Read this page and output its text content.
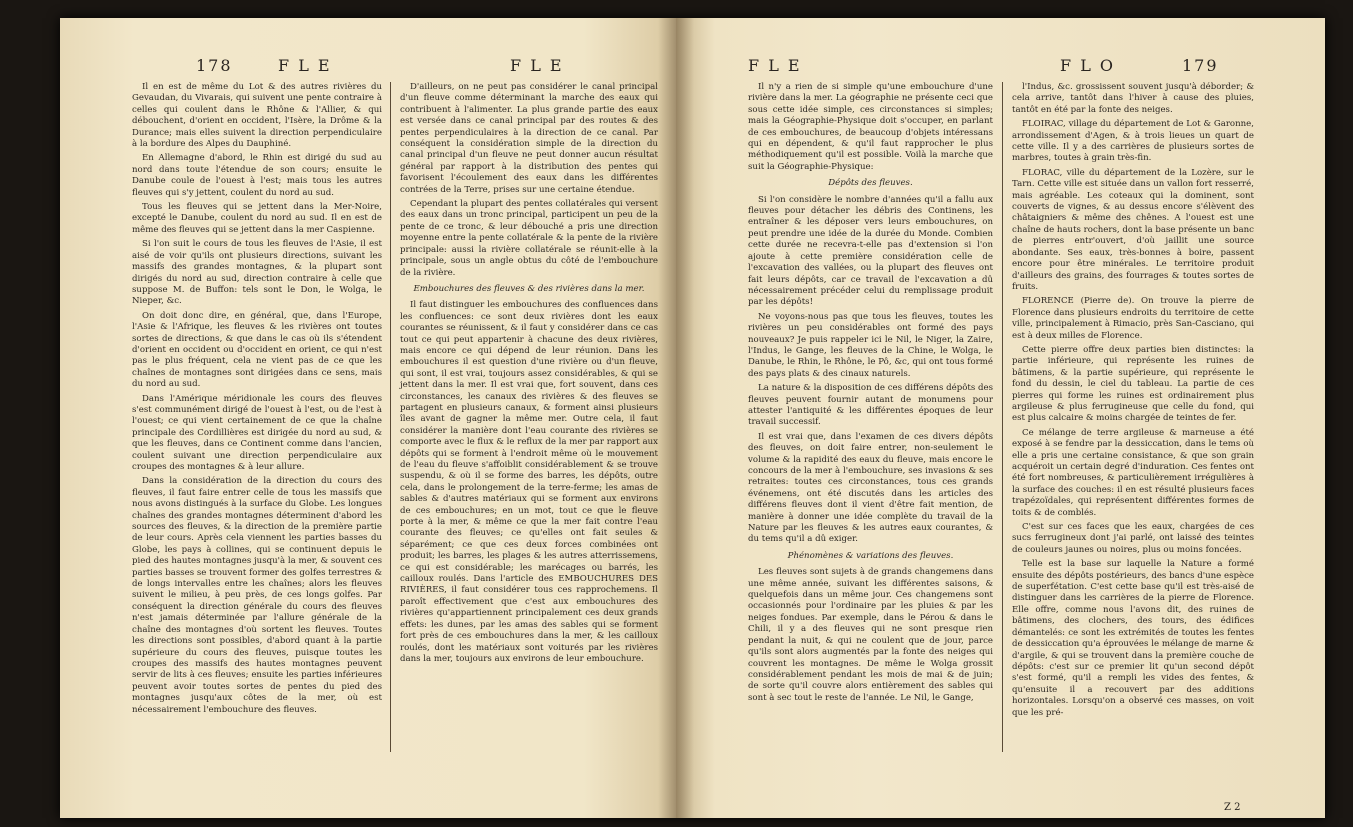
178	F L E	F L E

Il en est de même du Lot & des autres rivières du Gevaudan, du Vivarais, qui suivent une pente contraire à celles qui coulent dans le Rhône & l'Allier, & qui débouchent, d'orient en occident, l'Isère, la Drôme & la Durance; mais elles suivent la direction perpendiculaire à la bordure des Alpes du Dauphiné.

En Allemagne d'abord, le Rhin est dirigé du sud au nord dans toute l'étendue de son cours; ensuite le Danube coule de l'ouest à l'est; mais tous les autres fleuves qui s'y jettent, coulent du nord au sud.

Tous les fleuves qui se jettent dans la Mer-Noire, excepté le Danube, coulent du nord au sud. Il en est de même des fleuves qui se jettent dans la mer Caspienne.

Si l'on suit le cours de tous les fleuves de l'Asie, il est aisé de voir qu'ils ont plusieurs directions, suivant les massifs des grandes montagnes, & la plupart sont dirigés du nord au sud, direction contraire à celle que suppose M. de Buffon: tels sont le Don, le Wolga, le Nieper, &c.

On doit donc dire, en général, que, dans l'Europe, l'Asie & l'Afrique, les fleuves & les rivières ont toutes sortes de directions, & que dans le cas où ils s'étendent d'orient en occident ou d'occident en orient, ce qui n'est pas le plus fréquent, cela ne vient pas de ce que les chaînes de montagnes sont dirigées dans ce sens, mais du nord au sud.

Dans l'Amérique méridionale les cours des fleuves s'est communément dirigé de l'ouest à l'est, ou de l'est à l'ouest; ce qui vient certainement de ce que la chaîne principale des Cordillières est dirigée du nord au sud, & que les fleuves, dans ce Continent comme dans l'ancien, coulent suivant une direction perpendiculaire aux croupes des montagnes & à leur allure.

Dans la considération de la direction du cours des fleuves, il faut faire entrer celle de tous les massifs que nous avons distingués à la surface du Globe. Les longues chaînes des grandes montagnes déterminent d'abord les sources des fleuves, & la direction de la première partie de leur cours. Après cela viennent les parties basses du Globe, les pays à collines, qui se continuent depuis le pied des hautes montagnes jusqu'à la mer, & souvent ces parties basses se trouvent former des golfes terrestres & de longs intervalles entre les chaînes; alors les fleuves suivent le milieu, à peu près, de ces longs golfes. Par conséquent la direction générale du cours des fleuves n'est jamais déterminée par l'allure générale de la chaîne des montagnes d'où sortent les fleuves. Toutes les directions sont possibles, d'abord quant à la partie supérieure du cours des fleuves, puisque toutes les croupes des massifs des hautes montagnes peuvent servir de lits à ces fleuves; ensuite les parties inférieures peuvent avoir toutes sortes de pentes du pied des montagnes jusqu'aux côtes de la mer, où est nécessairement l'embouchure des fleuves.

D'ailleurs, on ne peut pas considérer le canal principal d'un fleuve comme déterminant la marche des eaux qui contribuent à l'alimenter. La plus grande partie des eaux est versée dans ce canal principal par des routes & des pentes perpendiculaires à la direction de ce canal. Par conséquent la considération simple de la direction du canal principal d'un fleuve ne peut donner aucun résultat général par rapport à la distribution des pentes qui favorisent l'écoulement des eaux dans les différentes contrées de la Terre, prises sur une certaine étendue.

Cependant la plupart des pentes collatérales qui versent des eaux dans un tronc principal, participent un peu de la pente de ce tronc, & leur débouché a pris une direction moyenne entre la pente collatérale & la pente de la rivière principale: aussi la rivière collatérale se réunit-elle à la principale, sous un angle obtus du côté de l'embouchure de la rivière.

Embouchures des fleuves & des rivières dans la mer.

Il faut distinguer les embouchures des confluences dans les confluences: ce sont deux rivières dont les eaux courantes se réunissent, & il faut y considérer dans ce cas tout ce qui peut appartenir à chacune des deux rivières, mais encore ce qui dépend de leur réunion. Dans les embouchures il est question d'une rivière ou d'un fleuve, qui sont, il est vrai, toujours assez considérables, & qui se jettent dans la mer. Il est vrai que, fort souvent, dans ces circonstances, les canaux des rivières & des fleuves se partagent en plusieurs canaux, & forment ainsi plusieurs îles avant de gagner la même mer. Outre cela, il faut considérer la manière dont l'eau courante des rivières se comporte avec le flux & le reflux de la mer par rapport aux dépôts qui se forment à l'endroit même où le mouvement de l'eau du fleuve s'affoiblit considérablement & se trouve suspendu, & où il se forme des barres, les dépôts, outre cela, dans le prolongement de la terre-ferme; les amas de sables & d'autres matériaux qui se forment aux environs de ces embouchures; en un mot, tout ce que le fleuve porte à la mer, & même ce que la mer fait contre l'eau courante des fleuves; ce qu'elles ont fait seules & séparément; ce que ces deux forces combinées ont produit; les barres, les plages & les autres atterrissemens, ce qui est considérable; les marécages ou barrés, les cailloux roulés. Dans l'article des EMBOUCHURES DES RIVIÈRES, il faut considérer tous ces rapprochemens. Il paroît effectivement que c'est aux embouchures des rivières qu'appartiennent principalement ces deux grands effets: les dunes, par les amas des sables qui se forment fort près de ces embouchures dans la mer, & les cailloux roulés, dont les matériaux sont voiturés par les rivières dans la mer, toujours aux environs de leur embouchure.

F L E	F L O	179

Il n'y a rien de si simple qu'une embouchure d'une rivière dans la mer. La géographie ne présente ceci que sous cette idée simple, ces circonstances si simples; mais la Géographie-Physique doit s'occuper, en parlant de ces embouchures, de beaucoup d'objets intéressans qui en dépendent, & qu'il faut rapprocher le plus méthodiquement qu'il est possible. Voilà la marche que suit la Géographie-Physique:

Dépôts des fleuves.

Si l'on considère le nombre d'années qu'il a fallu aux fleuves pour détacher les débris des Continens, les entraîner & les déposer vers leurs embouchures, on peut prendre une idée de la durée du Monde. Combien cette durée ne recevra-t-elle pas d'extension si l'on ajoute à cette première considération celle de l'excavation des vallées, ou la plupart des fleuves ont fait leurs dépôts, car ce travail de l'excavation a dû nécessairement précéder celui du remplissage produit par les dépôts!

Ne voyons-nous pas que tous les fleuves, toutes les rivières un peu considérables ont formé des pays nouveaux? Je puis rappeler ici le Nil, le Niger, la Zaire, l'Indus, le Gange, les fleuves de la Chine, le Wolga, le Danube, le Rhin, le Rhône, le Pô, &c, qui ont tous formé des pays plats & des cinaux naturels.

La nature & la disposition de ces différens dépôts des fleuves peuvent fournir autant de monumens pour attester l'antiquité & les différentes époques de leur travail successif.

Il est vrai que, dans l'examen de ces divers dépôts des fleuves, on doit faire entrer, non-seulement le volume & la rapidité des eaux du fleuve, mais encore le concours de la mer à l'embouchure, ses invasions & ses retraites: toutes ces circonstances, tous ces grands événemens, ont été discutés dans les articles des différens fleuves dont il vient d'être fait mention, de manière à donner une idée complète du travail de la Nature par les fleuves & les autres eaux courantes, & du tems qu'il a dû exiger.

Phénomènes & variations des fleuves.

Les fleuves sont sujets à de grands changemens dans une même année, suivant les différentes saisons, & quelquefois dans un même jour. Ces changemens sont occasionnés pour l'ordinaire par les pluies & par les neiges fondues. Par exemple, dans le Pérou & dans le Chili, il y a des fleuves qui ne sont presque rien pendant la nuit, & qui ne coulent que de jour, parce qu'ils sont alors augmentés par la fonte des neiges qui couvrent les montagnes. De même le Wolga grossit considérablement pendant les mois de mai & de juin; de sorte qu'il couvre alors entièrement des sables qui sont à sec tout le reste de l'année. Le Nil, le Gange,

l'Indus, &c. grossissent souvent jusqu'à déborder; & cela arrive, tantôt dans l'hiver à cause des pluies, tantôt en été par la fonte des neiges.

FLOIRAC, village du département de Lot & Garonne, arrondissement d'Agen, & à trois lieues un quart de cette ville. Il y a des carrières de plusieurs sortes de marbres, toutes à grain très-fin.

FLORAC, ville du département de la Lozère, sur le Tarn. Cette ville est située dans un vallon fort resserré, mais agréable. Les coteaux qui la dominent, sont couverts de vignes, & au dessus encore s'élèvent des châtaigniers & même des chênes. A l'ouest est une chaîne de hauts rochers, dont la base présente un banc de pierres entr'ouvert, d'où jaillit une source abondante. Ses eaux, très-bonnes à boire, passent encore pour être minérales. Le territoire produit d'ailleurs des grains, des fourrages & toutes sortes de fruits.

FLORENCE (Pierre de). On trouve la pierre de Florence dans plusieurs endroits du territoire de cette ville, principalement à Rimacio, près San-Casciano, qui est à deux milles de Florence.

Cette pierre offre deux parties bien distinctes: la partie inférieure, qui représente les ruines de bâtimens, & la partie supérieure, qui représente le fond du dessin, le ciel du tableau. La partie de ces pierres qui forme les ruines est ordinairement plus argileuse & plus ferrugineuse que celle du fond, qui est plus calcaire & moins chargée de teintes de fer.

Ce mélange de terre argileuse & marneuse a été exposé à se fendre par la dessiccation, dans le tems où elle a pris une certaine consistance, & que son grain acquéroit un certain degré d'induration. Ces fentes ont été fort nombreuses, & particulièrement irrégulières à la surface des couches: il en est résulté plusieurs faces trapézoïdales, qui représentent différentes formes de toits & de comblés.

C'est sur ces faces que les eaux, chargées de ces sucs ferrugineux dont j'ai parlé, ont laissé des teintes de couleurs jaunes ou noires, plus ou moins foncées.

Telle est la base sur laquelle la Nature a formé ensuite des dépôts postérieurs, des bancs d'une espèce de superfétation. C'est cette base qu'il est très-aisé de distinguer dans les carrières de la pierre de Florence. Elle offre, comme nous l'avons dit, des ruines de bâtimens, des clochers, des tours, des édifices démantelés: ce sont les extrémités de toutes les fentes de dessiccation qu'a éprouvées le mélange de marne & d'argile, & qui se trouvent dans la première couche de dépôts: c'est sur ce premier lit qu'un second dépôt s'est formé, qu'il a rempli les vides des fentes, & qu'ensuite il a recouvert par des additions horizontales. Lorsqu'on a observé ces masses, on voit que les pré-

Z 2
